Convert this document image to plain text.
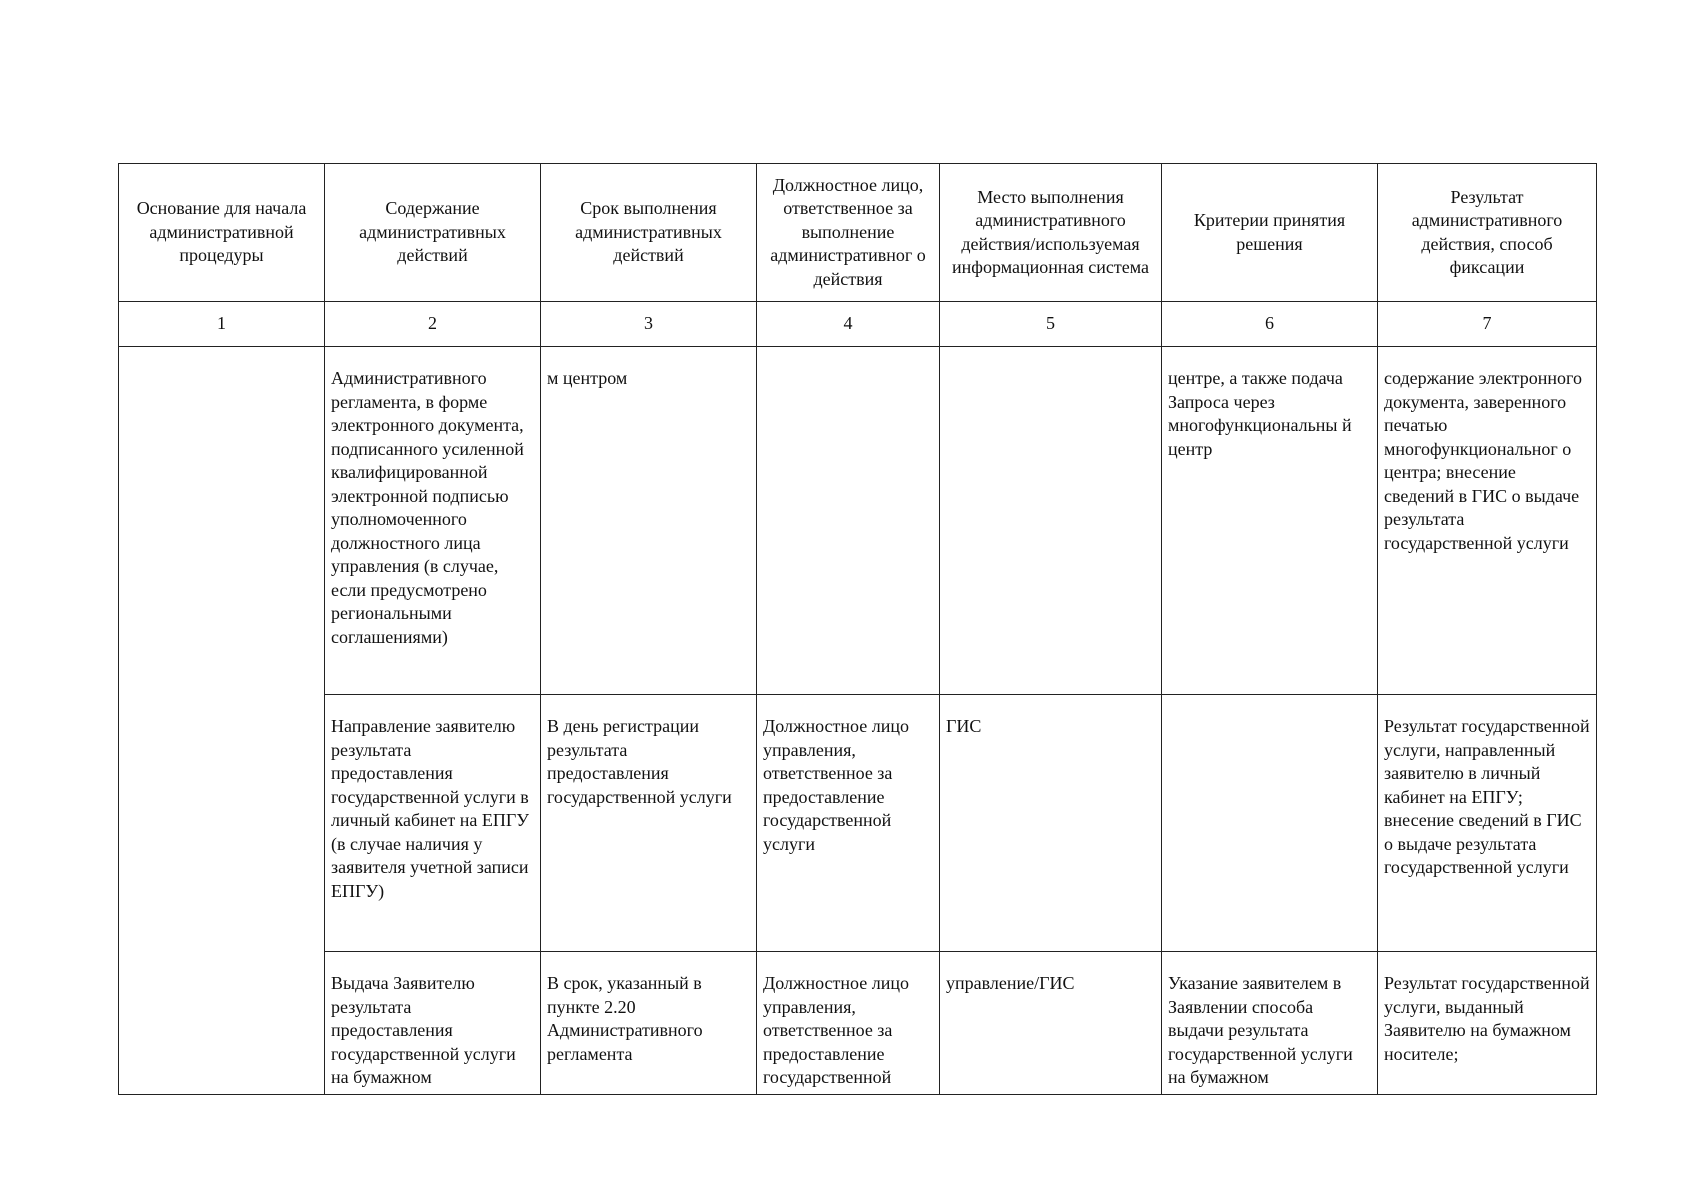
Основание для начала административной процедуры	Содержание административных действий	Срок выполнения административных действий	Должностное лицо, ответственное за выполнение административног о действия	Место выполнения административного действия/используемая информационная система	Критерии принятия решения	Результат административного действия, способ фиксации
1	2	3	4	5	6	7
	Административного регламента, в форме электронного документа, подписанного усиленной квалифицированной электронной подписью уполномоченного должностного лица управления (в случае, если предусмотрено региональными соглашениями)	м центром			центре, а также подача Запроса через многофункциональны й центр	содержание электронного документа, заверенного печатью многофункциональног о центра; внесение сведений в ГИС о выдаче результата государственной услуги
	Направление заявителю результата предоставления государственной услуги в личный кабинет на ЕПГУ (в случае наличия у заявителя учетной записи ЕПГУ)	В день регистрации результата предоставления государственной услуги	Должностное лицо управления, ответственное за предоставление государственной услуги	ГИС		Результат государственной услуги, направленный заявителю в личный кабинет на ЕПГУ; внесение сведений в ГИС о выдаче результата государственной услуги
	Выдача Заявителю результата предоставления государственной услуги на бумажном	В срок, указанный в пункте 2.20 Административного регламента	Должностное лицо управления, ответственное за предоставление государственной	управление/ГИС	Указание заявителем в Заявлении способа выдачи результата государственной услуги на бумажном	Результат государственной услуги, выданный Заявителю на бумажном носителе;
